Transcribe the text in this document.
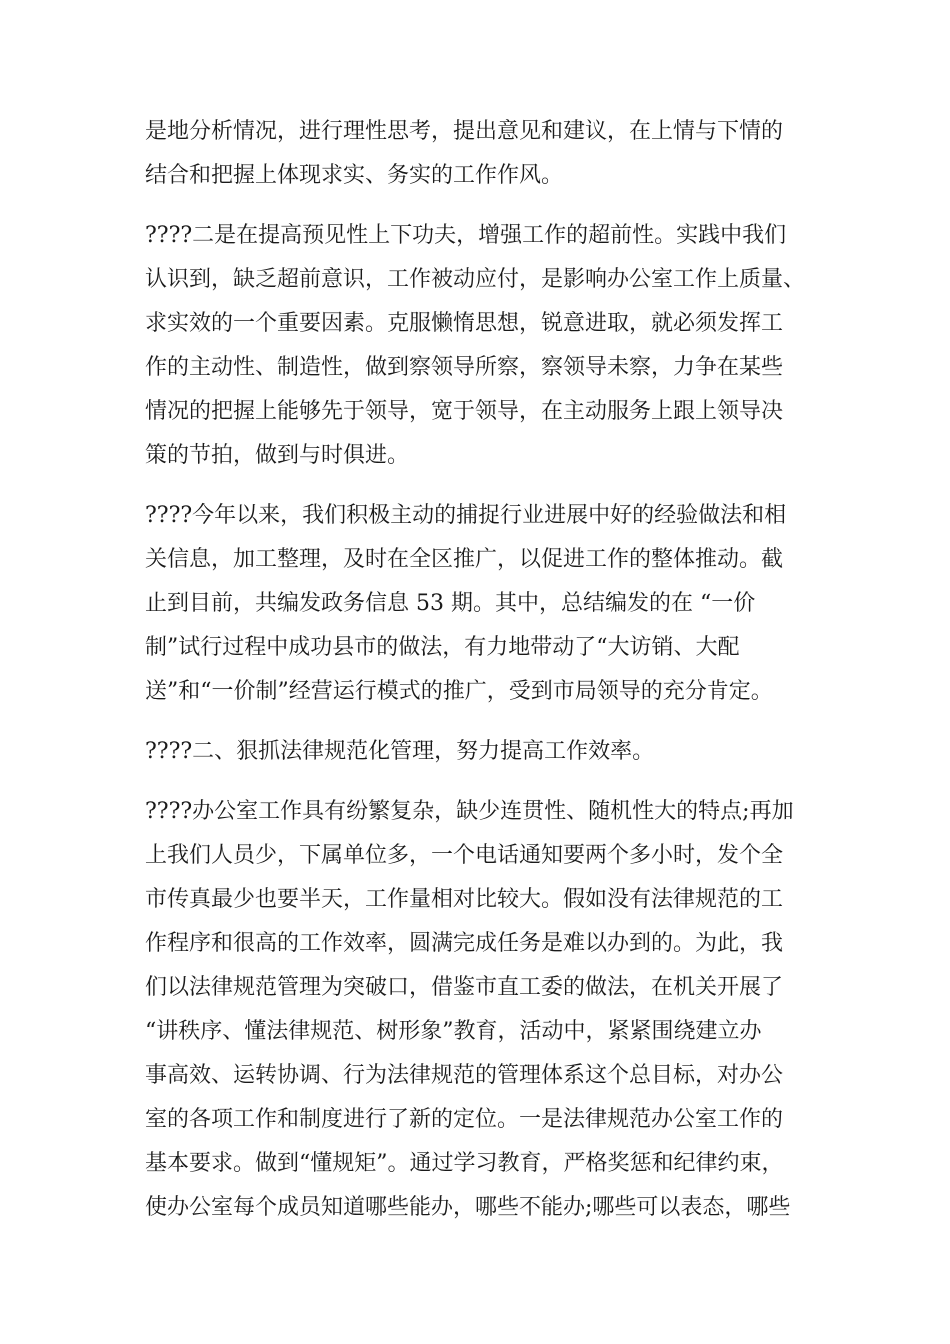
是地分析情况，进行理性思考，提出意见和建议，在上情与下情的
结合和把握上体现求实、务实的工作作风。

????二是在提高预见性上下功夫，增强工作的超前性。实践中我们
认识到，缺乏超前意识，工作被动应付，是影响办公室工作上质量、
求实效的一个重要因素。克服懒惰思想，锐意进取，就必须发挥工
作的主动性、制造性，做到察领导所察，察领导未察，力争在某些
情况的把握上能够先于领导，宽于领导，在主动服务上跟上领导决
策的节拍，做到与时俱进。

????今年以来，我们积极主动的捕捉行业进展中好的经验做法和相
关信息，加工整理，及时在全区推广，以促进工作的整体推动。截
止到目前，共编发政务信息 53 期。其中，总结编发的在 “一价
制”试行过程中成功县市的做法，有力地带动了“大访销、大配
送”和“一价制”经营运行模式的推广，受到市局领导的充分肯定。

????二、狠抓法律规范化管理，努力提高工作效率。

????办公室工作具有纷繁复杂，缺少连贯性、随机性大的特点;再加
上我们人员少，下属单位多，一个电话通知要两个多小时，发个全
市传真最少也要半天，工作量相对比较大。假如没有法律规范的工
作程序和很高的工作效率，圆满完成任务是难以办到的。为此，我
们以法律规范管理为突破口，借鉴市直工委的做法，在机关开展了
“讲秩序、懂法律规范、树形象”教育，活动中，紧紧围绕建立办
事高效、运转协调、行为法律规范的管理体系这个总目标，对办公
室的各项工作和制度进行了新的定位。一是法律规范办公室工作的
基本要求。做到“懂规矩”。通过学习教育，严格奖惩和纪律约束，
使办公室每个成员知道哪些能办，哪些不能办;哪些可以表态，哪些
